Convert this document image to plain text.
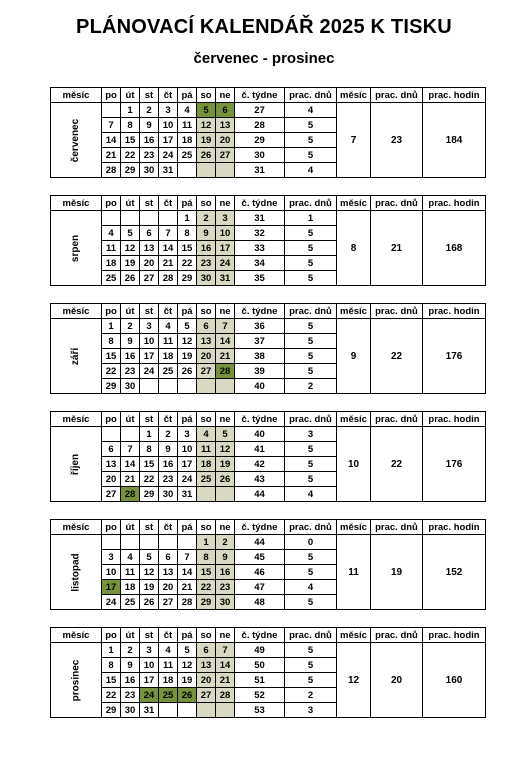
PLÁNOVACÍ KALENDÁŘ 2025 K TISKU
červenec - prosinec
měsíc	po	út	st	čt	pá	so	ne	č. týdne	prac. dnů	měsíc	prac. dnů	prac. hodin
červenec		1	2	3	4	5	6	27	4	7	23	184
	7	8	9	10	11	12	13	28	5			
	14	15	16	17	18	19	20	29	5			
	21	22	23	24	25	26	27	30	5			
	28	29	30	31				31	4			
měsíc	po	út	st	čt	pá	so	ne	č. týdne	prac. dnů	měsíc	prac. dnů	prac. hodin
srpen					1	2	3	31	1	8	21	168
	4	5	6	7	8	9	10	32	5			
	11	12	13	14	15	16	17	33	5			
	18	19	20	21	22	23	24	34	5			
	25	26	27	28	29	30	31	35	5			
měsíc	po	út	st	čt	pá	so	ne	č. týdne	prac. dnů	měsíc	prac. dnů	prac. hodin
září	1	2	3	4	5	6	7	36	5	9	22	176
	8	9	10	11	12	13	14	37	5			
	15	16	17	18	19	20	21	38	5			
	22	23	24	25	26	27	28	39	5			
	29	30						40	2			
měsíc	po	út	st	čt	pá	so	ne	č. týdne	prac. dnů	měsíc	prac. dnů	prac. hodin
říjen			1	2	3	4	5	40	3	10	22	176
	6	7	8	9	10	11	12	41	5			
	13	14	15	16	17	18	19	42	5			
	20	21	22	23	24	25	26	43	5			
	27	28	29	30	31			44	4			
měsíc	po	út	st	čt	pá	so	ne	č. týdne	prac. dnů	měsíc	prac. dnů	prac. hodin
listopad						1	2	44	0	11	19	152
	3	4	5	6	7	8	9	45	5			
	10	11	12	13	14	15	16	46	5			
	17	18	19	20	21	22	23	47	4			
	24	25	26	27	28	29	30	48	5			
měsíc	po	út	st	čt	pá	so	ne	č. týdne	prac. dnů	měsíc	prac. dnů	prac. hodin
prosinec	1	2	3	4	5	6	7	49	5	12	20	160
	8	9	10	11	12	13	14	50	5			
	15	16	17	18	19	20	21	51	5			
	22	23	24	25	26	27	28	52	2			
	29	30	31					53	3			
